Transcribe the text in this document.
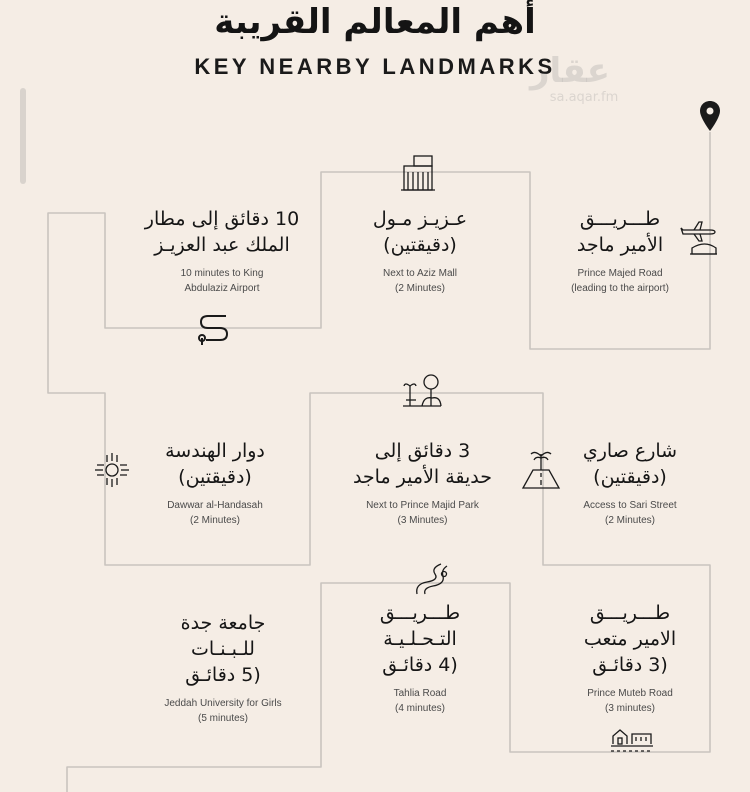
أهم المعالم القريبة
KEY NEARBY LANDMARKS
عقار
sa.aqar.fm
طـــريـــق
الأمير ماجد
Prince Majed Road
(leading to the airport)
عـزيـز مـول
(دقيقتين)
Next to Aziz Mall
(2 Minutes)
10 دقائق إلى مطار
الملك عبد العزيـز
10 minutes to King
Abdulaziz Airport
شارع صاري
(دقيقتين)
Access to Sari Street
(2 Minutes)
3 دقائق إلى
حديقة الأمير ماجد
Next to Prince Majid Park
(3 Minutes)
دوار الهندسة
(دقيقتين)
Dawwar al-Handasah
(2 Minutes)
طـــريـــق
الامير متعب
(3 دقائـق
Prince Muteb Road
(3 minutes)
طـــريـــق
التـحـلـيـة
(4 دقائـق
Tahlia Road
(4 minutes)
جامعة جدة
للـبـنـات
(5 دقائـق
Jeddah University for Girls
(5 minutes)
